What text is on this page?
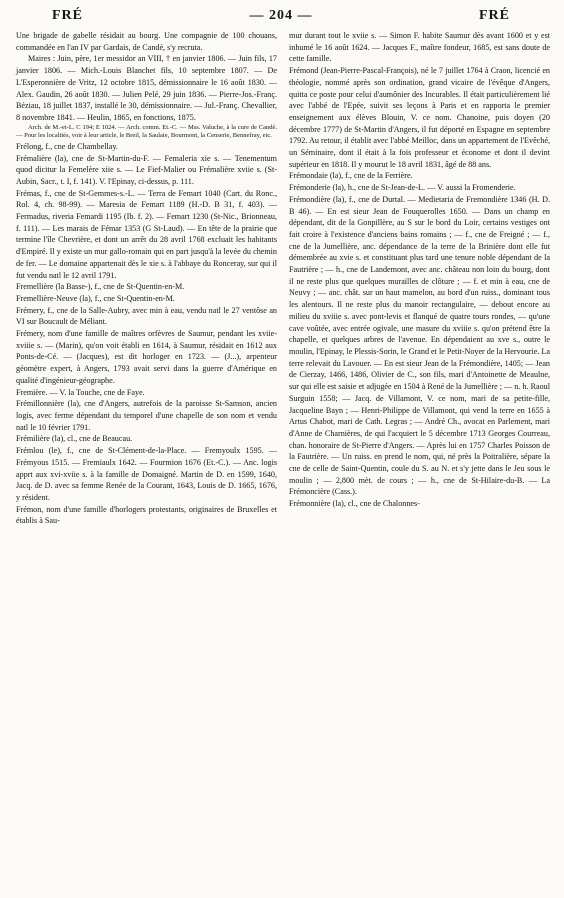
FRÉ	— 204 —	FRÉ

Une brigade de gabelle résidait au bourg. Une compagnie de 100 chouans, commandée en l'an IV par Gardais, de Candé, s'y recruta.

Maires : Juin, père, 1er messidor an VIII, † en janvier 1806. — Juin fils, 17 janvier 1806. — Mich.-Louis Blanchet fils, 10 septembre 1807. — De L'Esperonnière de Vritz, 12 octobre 1815, démissionnaire le 16 août 1830. — Alex. Gaudin, 26 août 1830. — Julien Pelé, 29 juin 1836. — Pierre-Jos.-Franç. Béziau, 18 juillet 1837, installé le 30, démissionnaire. — Jul.-Franç. Chevallier, 8 novembre 1841. — Heulin, 1865, en fonctions, 1875.

Arch. de M.-et-L. C 194; E 1024. — Arch. comm. Et.-C. — Mss. Valuche, à la cure de Candé. — Pour les localités, voir à leur article, le Breil, la Saulaie, Bourmont, la Censerie, Bennefray, etc.

Frélong, f., cne de Chambellay.

Frémalière (la), cne de St-Martin-du-F. — Femaleria xie s. — Tenementum quod dicitur la Femelère xiie s. — Le Fief-Malier ou Frémalière xviie s. (St-Aubin, Sacr., t. I, f. 141). V. l'Epinay, ci-dessus, p. 111.

Frémas, f., cne de St-Gemmes-s.-L. — Terra de Femart 1040 (Cart. du Ronc., Rol. 4, ch. 98-99). — Maresia de Femart 1189 (H.-D. B 31, f. 403). — Fermadus, riveria Femardi 1195 (Ib. f. 2). — Femart 1230 (St-Nic., Brionneau, f. 111). — Les marais de Fémar 1353 (G St-Laud). — En tête de la prairie que termine l'île Chevrière, et dont un arrêt du 28 avril 1768 excluait les habitants d'Empiré. Il y existe un mur gallo-romain qui en part jusqu'à la levée du chemin de fer. — Le domaine appartenait dès le xie s. à l'abbaye du Ronceray, sur qui il fut vendu natl le 12 avril 1791.

Fremellière (la Basse-), f., cne de St-Quentin-en-M.

Fremellière-Neuve (la), f., cne St-Quentin-en-M.

Frémery, f., cne de la Salle-Aubry, avec min à eau, vendu natl le 27 ventôse an VI sur Boucault de Méliant.

Frémery, nom d'une famille de maîtres orfèvres de Saumur, pendant les xviie-xviiie s. — (Marin), qu'on voit établi en 1614, à Saumur, résidait en 1612 aux Ponts-de-Cé. — (Jacques), est dit horloger en 1723. — (J...), arpenteur géomètre expert, à Angers, 1793 avait servi dans la guerre d'Amérique en qualité d'ingénieur-géographe.

Fremière. — V. la Touche, cne de Faye.

Frémillonnière (la), cne d'Angers, autrefois de la paroisse St-Samson, ancien logis, avec ferme dépendant du temporel d'une chapelle de son nom et vendu natl le 10 février 1791.

Frémilière (la), cl., cne de Beaucau.

Frémlou (le), f., cne de St-Clément-de-la-Place. — Fremyoulx 1595. — Frémyous 1515. — Fremiaulx 1642. — Fourmion 1676 (Et.-C.). — Anc. logis apprt aux xvi-xviie s. à la famille de Domaigné. Martin de D. en 1599, 1640, Jacq. de D. avec sa femme Renée de la Courant, 1643, Louis de D. 1665, 1676, y résident.

Frémon, nom d'une famille d'horlogers protestants, originaires de Bruxelles et établis à Sau-

mur durant tout le xviie s. — Simon F. habite Saumur dès avant 1600 et y est inhumé le 16 août 1624. — Jacques F., maître fondeur, 1685, est sans doute de cette famille.

Frémond (Jean-Pierre-Pascal-François), né le 7 juillet 1764 à Craon, licencié en théologie, nommé après son ordination, grand vicaire de l'évêque d'Angers, quitta ce poste pour celui d'aumônier des Incurables. Il était particulièrement lié avec l'abbé de l'Epée, suivit ses leçons à Paris et en rapporta le premier enseignement aux élèves Blouin, V. ce nom. Chanoine, puis doyen (20 décembre 1777) de St-Martin d'Angers, il fut déporté en Espagne en septembre 1792. Au retour, il établit avec l'abbé Meilloc, dans un appartement de l'Evêché, un Séminaire, dont il était à la fois professeur et économe et dont il devint supérieur en 1818. Il y mourut le 18 avril 1831, âgé de 88 ans.

Frémondaie (la), f., cne de la Ferrière.

Frémonderie (la), h., cne de St-Jean-de-L. — V. aussi la Fromenderie.

Frémondière (la), f., cne de Durtal. — Medietaria de Fremondière 1346 (H. D. B 46). — En est sieur Jean de Fouquerolles 1650. — Dans un champ en dépendant, dit de la Gonpillère, au S sur le bord du Loir, certains vestiges ont fait croire à l'existence d'anciens bains romains ; — f., cne de Freigné ; — f., cne de la Jumellière, anc. dépendance de la terre de la Brinière dont elle fut démembrée au xvie s. et constituant plus tard une tenure noble dépendant de la Fautrière ; — h., cne de Landemont, avec anc. château non loin du bourg, dont il ne reste plus que quelques murailles de clôture ; — f. et min à eau, cne de Neuvy ; — anc. chât. sur un haut mamelon, au bord d'un ruiss., dominant tous les alentours. Il ne reste plus du manoir rectangulaire, — debout encore au milieu du xviiie s. avec pont-levis et flanqué de quatre tours rondes, — qu'une cave voûtée, avec entrée ogivale, une masure du xviiie s. qu'on prétend être la chapelle, et quelques arbres de l'avenue. En dépendaient au xve s., outre le moulin, l'Epinay, le Plessis-Sorin, le Grand et le Petit-Noyer de la Hervourie. La terre relevait du Lavouer. — En est sieur Jean de la Frémondière, 1405; — Jean de Cierzay, 1466, 1486, Olivier de C., son fils, mari d'Antoinette de Meaulne, sur qui elle est saisie et adjugée en 1504 à René de la Jumellière ; — n. h. Raoul Surguin 1558; — Jacq. de Villamont, V. ce nom, mari de sa petite-fille, Jacqueline Bayn ; — Henri-Philippe de Villamont, qui vend la terre en 1655 à Artus Chabot, mari de Cath. Legras ; — André Ch., avocat en Parlement, mari d'Anne de Charnières, de qui l'acquiert le 5 décembre 1713 Georges Courreau, chan. honoraire de St-Pierre d'Angers. — Après lui en 1757 Charles Poisson de la Fautrière. — Un ruiss. en prend le nom, qui, né près la Poitralière, sépare la cne de celle de Saint-Quentin, coule du S. au N. et s'y jette dans le Jeu sous le moulin ; — 2,800 mèt. de cours ; — h., cne de St-Hilaire-du-B. — La Frémoncière (Cass.).

Frémonnière (la), cl., cne de Chalonnes-
